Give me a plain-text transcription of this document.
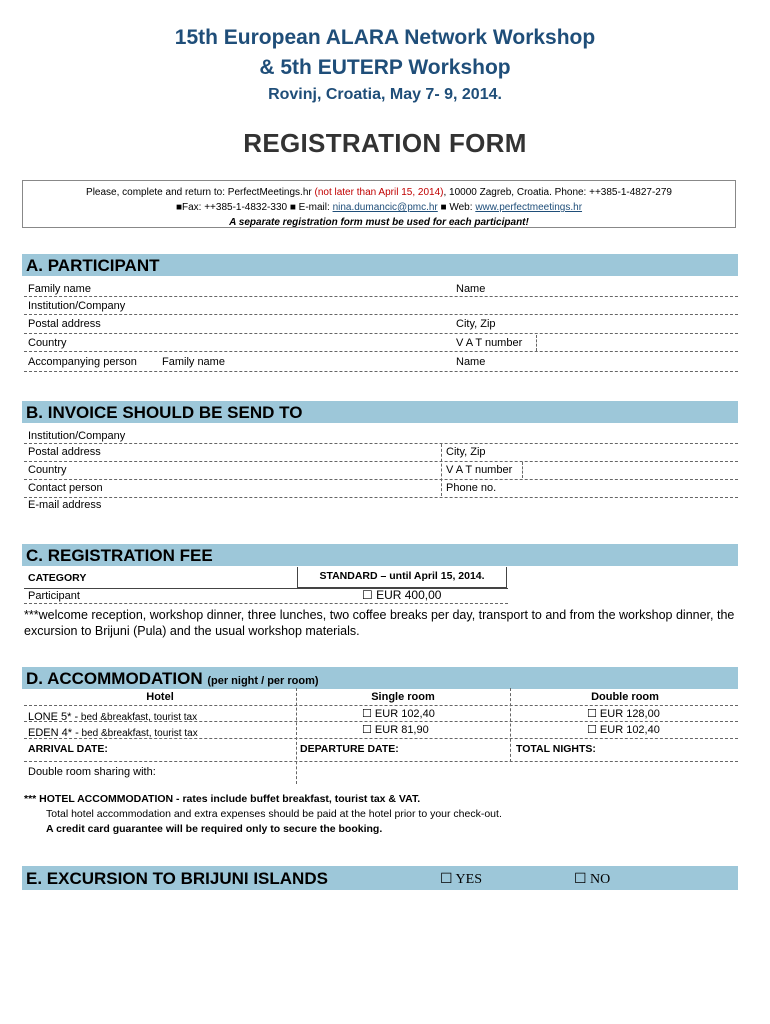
15th European ALARA Network Workshop
& 5th EUTERP Workshop
Rovinj, Croatia, May 7- 9, 2014.
REGISTRATION FORM
Please, complete and return to: PerfectMeetings.hr (not later than April 15, 2014), 10000 Zagreb, Croatia. Phone: ++385-1-4827-279
■Fax: ++385-1-4832-330 ■ E-mail: nina.dumancic@pmc.hr ■ Web: www.perfectmeetings.hr
A separate registration form must be used for each participant!
A. PARTICIPANT
Family name	Name
Institution/Company
Postal address	City, Zip
Country	V A T number
Accompanying person Family name	Name
B. INVOICE SHOULD BE SEND TO
Institution/Company
Postal address	City, Zip
Country	V A T number
Contact person	Phone no.
E-mail address
C. REGISTRATION FEE
CATEGORY	STANDARD – until April 15, 2014.
Participant	☐ EUR 400,00
***welcome reception, workshop dinner, three lunches, two coffee breaks per day, transport to and from the workshop dinner, the excursion to Brijuni (Pula) and the usual workshop materials.
D. ACCOMMODATION (per night / per room)
Hotel	Single room	Double room
LONE 5* - bed &breakfast, tourist tax	☐ EUR 102,40	☐ EUR 128,00
EDEN 4* - bed &breakfast, tourist tax	☐ EUR 81,90	☐ EUR 102,40
ARRIVAL DATE:	DEPARTURE DATE:	TOTAL NIGHTS:
Double room sharing with:
*** HOTEL ACCOMMODATION - rates include buffet breakfast, tourist tax & VAT.
Total hotel accommodation and extra expenses should be paid at the hotel prior to your check-out.
A credit card guarantee will be required only to secure the booking.
E. EXCURSION TO BRIJUNI ISLANDS	☐ YES	☐ NO
